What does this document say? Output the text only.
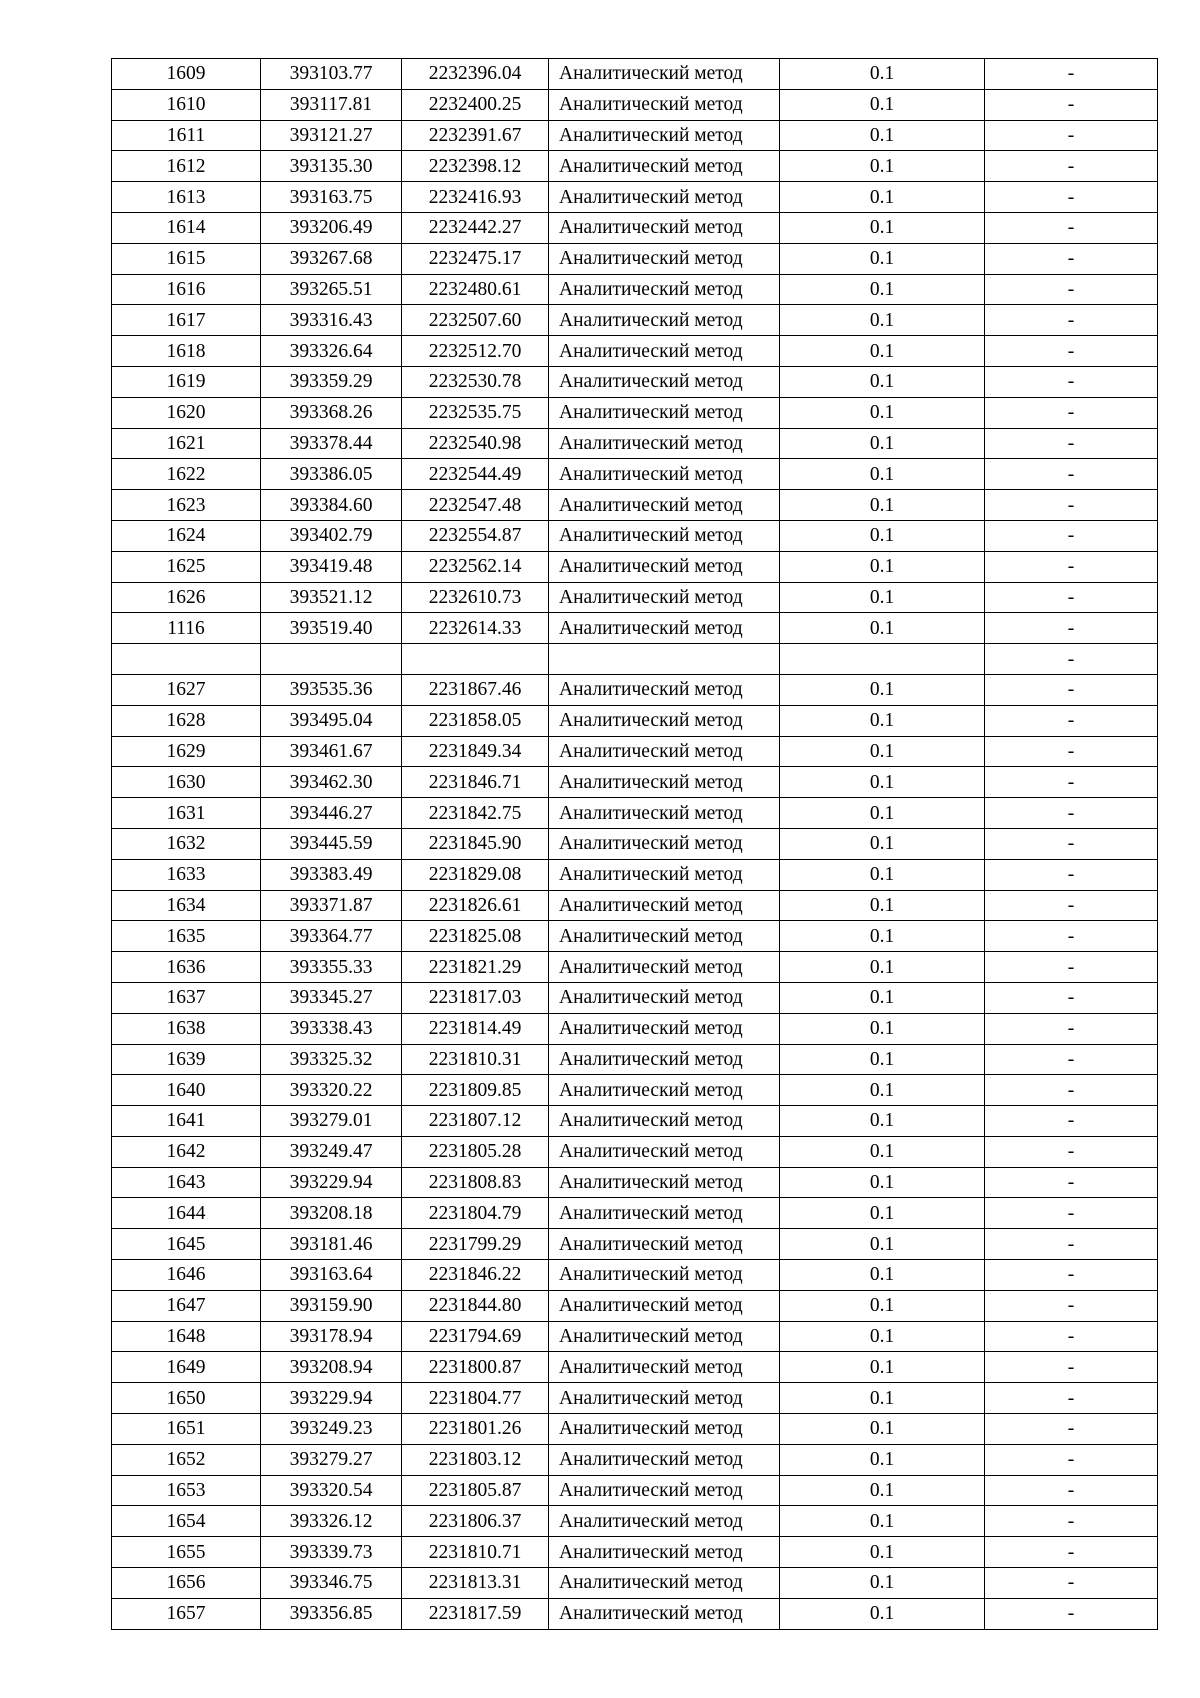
1609	393103.77	2232396.04	Аналитический метод	0.1	-
1610	393117.81	2232400.25	Аналитический метод	0.1	-
1611	393121.27	2232391.67	Аналитический метод	0.1	-
1612	393135.30	2232398.12	Аналитический метод	0.1	-
1613	393163.75	2232416.93	Аналитический метод	0.1	-
1614	393206.49	2232442.27	Аналитический метод	0.1	-
1615	393267.68	2232475.17	Аналитический метод	0.1	-
1616	393265.51	2232480.61	Аналитический метод	0.1	-
1617	393316.43	2232507.60	Аналитический метод	0.1	-
1618	393326.64	2232512.70	Аналитический метод	0.1	-
1619	393359.29	2232530.78	Аналитический метод	0.1	-
1620	393368.26	2232535.75	Аналитический метод	0.1	-
1621	393378.44	2232540.98	Аналитический метод	0.1	-
1622	393386.05	2232544.49	Аналитический метод	0.1	-
1623	393384.60	2232547.48	Аналитический метод	0.1	-
1624	393402.79	2232554.87	Аналитический метод	0.1	-
1625	393419.48	2232562.14	Аналитический метод	0.1	-
1626	393521.12	2232610.73	Аналитический метод	0.1	-
1116	393519.40	2232614.33	Аналитический метод	0.1	-
					-
1627	393535.36	2231867.46	Аналитический метод	0.1	-
1628	393495.04	2231858.05	Аналитический метод	0.1	-
1629	393461.67	2231849.34	Аналитический метод	0.1	-
1630	393462.30	2231846.71	Аналитический метод	0.1	-
1631	393446.27	2231842.75	Аналитический метод	0.1	-
1632	393445.59	2231845.90	Аналитический метод	0.1	-
1633	393383.49	2231829.08	Аналитический метод	0.1	-
1634	393371.87	2231826.61	Аналитический метод	0.1	-
1635	393364.77	2231825.08	Аналитический метод	0.1	-
1636	393355.33	2231821.29	Аналитический метод	0.1	-
1637	393345.27	2231817.03	Аналитический метод	0.1	-
1638	393338.43	2231814.49	Аналитический метод	0.1	-
1639	393325.32	2231810.31	Аналитический метод	0.1	-
1640	393320.22	2231809.85	Аналитический метод	0.1	-
1641	393279.01	2231807.12	Аналитический метод	0.1	-
1642	393249.47	2231805.28	Аналитический метод	0.1	-
1643	393229.94	2231808.83	Аналитический метод	0.1	-
1644	393208.18	2231804.79	Аналитический метод	0.1	-
1645	393181.46	2231799.29	Аналитический метод	0.1	-
1646	393163.64	2231846.22	Аналитический метод	0.1	-
1647	393159.90	2231844.80	Аналитический метод	0.1	-
1648	393178.94	2231794.69	Аналитический метод	0.1	-
1649	393208.94	2231800.87	Аналитический метод	0.1	-
1650	393229.94	2231804.77	Аналитический метод	0.1	-
1651	393249.23	2231801.26	Аналитический метод	0.1	-
1652	393279.27	2231803.12	Аналитический метод	0.1	-
1653	393320.54	2231805.87	Аналитический метод	0.1	-
1654	393326.12	2231806.37	Аналитический метод	0.1	-
1655	393339.73	2231810.71	Аналитический метод	0.1	-
1656	393346.75	2231813.31	Аналитический метод	0.1	-
1657	393356.85	2231817.59	Аналитический метод	0.1	-
